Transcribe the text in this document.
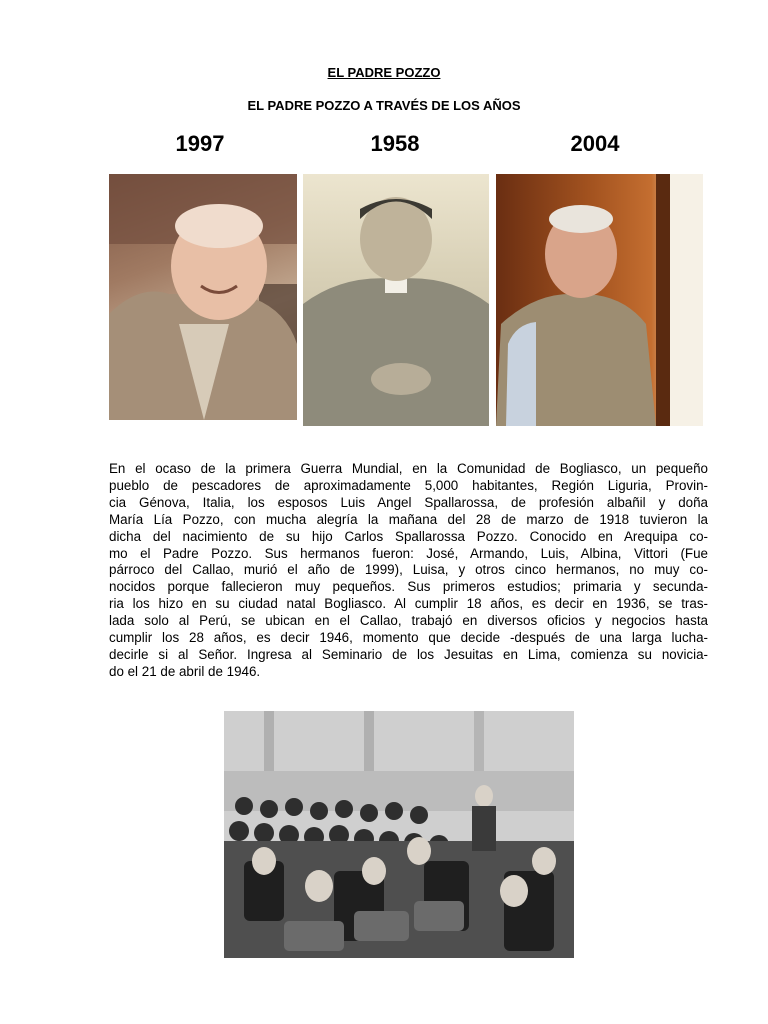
EL PADRE POZZO
EL PADRE POZZO A TRAVÉS DE LOS AÑOS
1997	1958	2004
En el ocaso de la primera Guerra Mundial, en la Comunidad de Bogliasco, un pequeño
pueblo de pescadores de aproximadamente 5,000 habitantes, Región Liguria, Provin-
cia Génova, Italia, los esposos Luis Angel Spallarossa, de profesión albañil y doña
María Lía Pozzo, con mucha alegría la mañana del 28 de marzo de 1918 tuvieron la
dicha del nacimiento de su hijo Carlos Spallarossa Pozzo. Conocido en Arequipa co-
mo el Padre Pozzo. Sus hermanos fueron: José, Armando, Luis, Albina, Vittori (Fue
párroco del Callao, murió el año de 1999), Luisa, y otros cinco hermanos, no muy co-
nocidos porque fallecieron muy pequeños. Sus primeros estudios; primaria y secunda-
ria los hizo en su ciudad natal Bogliasco. Al cumplir 18 años, es decir en 1936, se tras-
lada solo al Perú, se ubican en el Callao, trabajó en diversos oficios y negocios hasta
cumplir los 28 años, es decir 1946, momento que decide -después de una larga lucha-
decirle si al Señor. Ingresa al Seminario de los Jesuitas en Lima, comienza su novicia-
do el 21 de abril de 1946.
